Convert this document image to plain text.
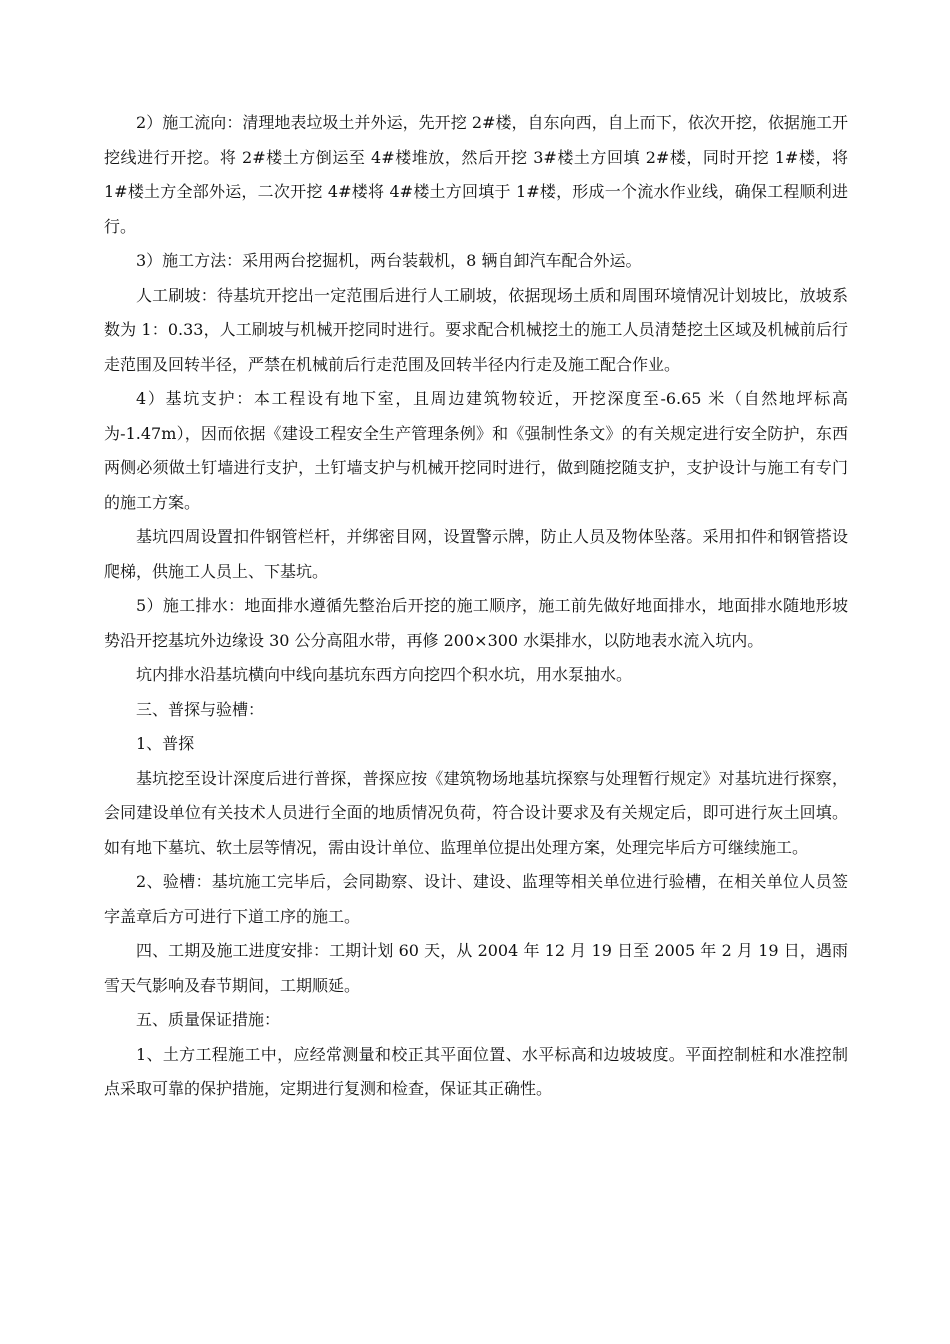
2）施工流向：清理地表垃圾土并外运，先开挖 2#楼，自东向西，自上而下，依次开挖，依据施工开挖线进行开挖。将 2#楼土方倒运至 4#楼堆放，然后开挖 3#楼土方回填 2#楼，同时开挖 1#楼，将 1#楼土方全部外运，二次开挖 4#楼将 4#楼土方回填于 1#楼，形成一个流水作业线，确保工程顺利进行。

3）施工方法：采用两台挖掘机，两台装载机，8 辆自卸汽车配合外运。

人工刷坡：待基坑开挖出一定范围后进行人工刷坡，依据现场土质和周围环境情况计划坡比，放坡系数为 1：0.33，人工刷坡与机械开挖同时进行。要求配合机械挖土的施工人员清楚挖土区域及机械前后行走范围及回转半径，严禁在机械前后行走范围及回转半径内行走及施工配合作业。

4）基坑支护：本工程设有地下室，且周边建筑物较近，开挖深度至-6.65 米（自然地坪标高为-1.47m），因而依据《建设工程安全生产管理条例》和《强制性条文》的有关规定进行安全防护，东西两侧必须做土钉墙进行支护，土钉墙支护与机械开挖同时进行，做到随挖随支护，支护设计与施工有专门的施工方案。

基坑四周设置扣件钢管栏杆，并绑密目网，设置警示牌，防止人员及物体坠落。采用扣件和钢管搭设爬梯，供施工人员上、下基坑。

5）施工排水：地面排水遵循先整治后开挖的施工顺序，施工前先做好地面排水，地面排水随地形坡势沿开挖基坑外边缘设 30 公分高阻水带，再修 200×300 水渠排水，以防地表水流入坑内。

坑内排水沿基坑横向中线向基坑东西方向挖四个积水坑，用水泵抽水。

三、普探与验槽：

1、普探

基坑挖至设计深度后进行普探，普探应按《建筑物场地基坑探察与处理暂行规定》对基坑进行探察，会同建设单位有关技术人员进行全面的地质情况负荷，符合设计要求及有关规定后，即可进行灰土回填。如有地下墓坑、软土层等情况，需由设计单位、监理单位提出处理方案，处理完毕后方可继续施工。

2、验槽：基坑施工完毕后，会同勘察、设计、建设、监理等相关单位进行验槽，在相关单位人员签字盖章后方可进行下道工序的施工。

四、工期及施工进度安排：工期计划 60 天，从 2004 年 12 月 19 日至 2005 年 2 月 19 日，遇雨雪天气影响及春节期间，工期顺延。

五、质量保证措施：

1、土方工程施工中，应经常测量和校正其平面位置、水平标高和边坡坡度。平面控制桩和水准控制点采取可靠的保护措施，定期进行复测和检查，保证其正确性。
